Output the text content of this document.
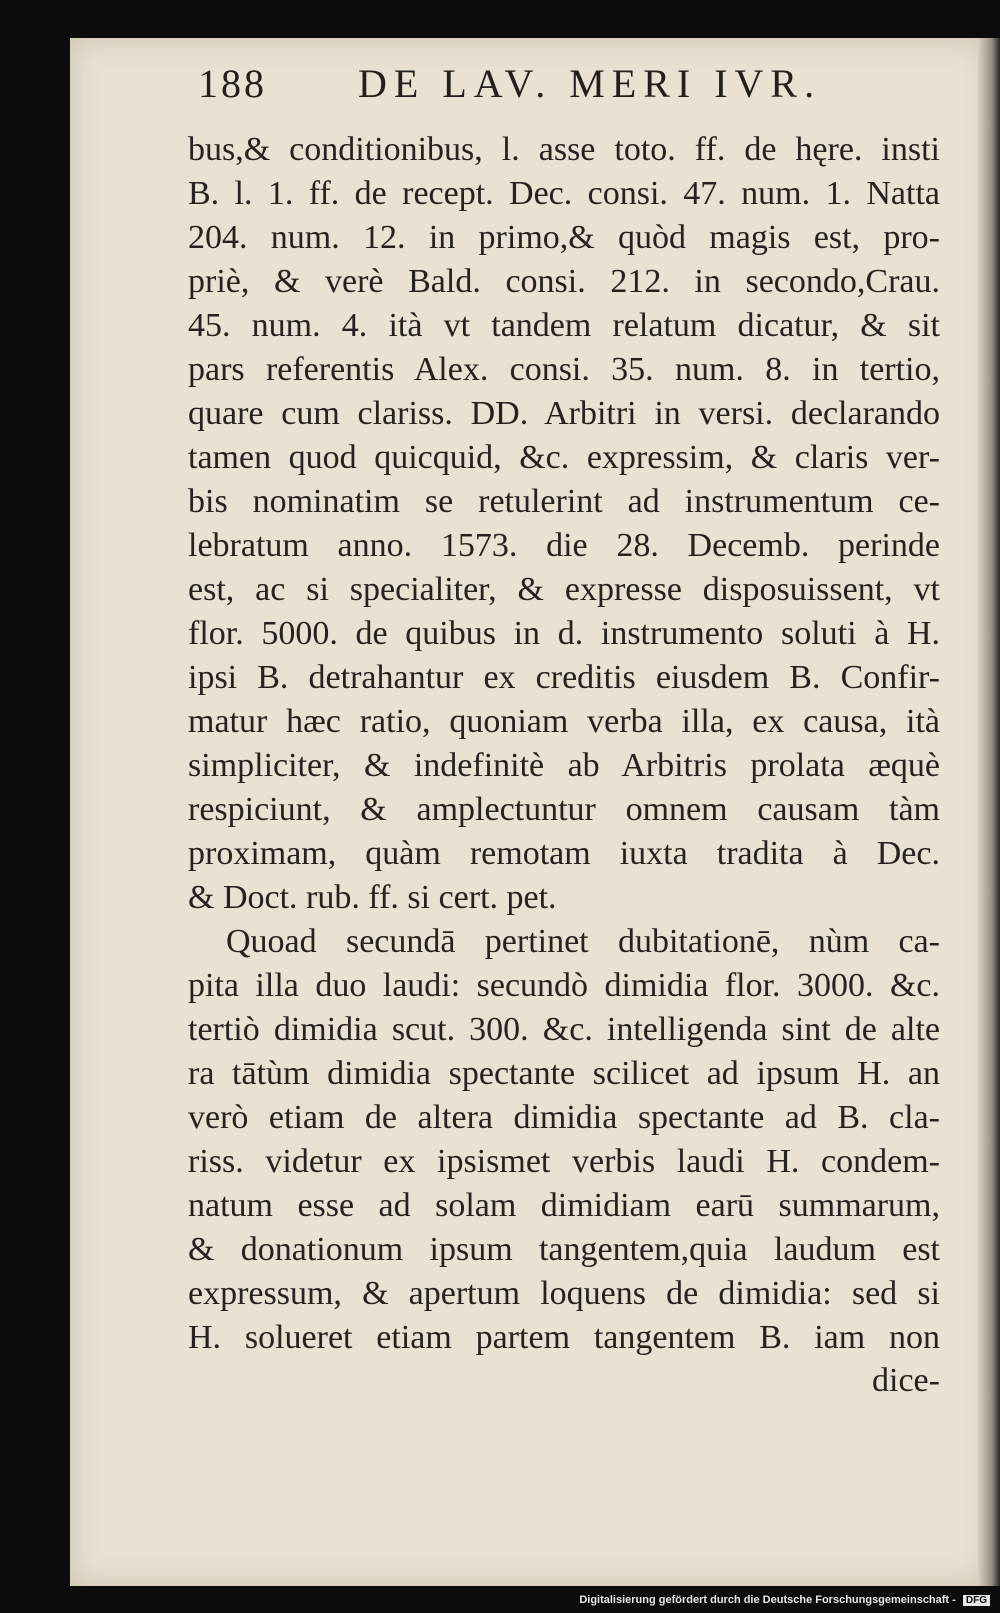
188 DE LAV. MERI IVR.
bus,& conditionibus, l. asse toto. ff. de hęre. insti
B. l. 1. ff. de recept. Dec. consi. 47. num. 1. Natta
204. num. 12. in primo,& quòd magis est, pro-
priè, & verè Bald. consi. 212. in secondo,Crau.
45. num. 4. ità vt tandem relatum dicatur, & sit
pars referentis Alex. consi. 35. num. 8. in tertio,
quare cum clariss. DD. Arbitri in versi. declarando
tamen quod quicquid, &c. expressim, & claris ver-
bis nominatim se retulerint ad instrumentum ce-
lebratum anno. 1573. die 28. Decemb. perinde
est, ac si specialiter, & expresse disposuissent, vt
flor. 5000. de quibus in d. instrumento soluti à H.
ipsi B. detrahantur ex creditis eiusdem B. Confir-
matur hæc ratio, quoniam verba illa, ex causa, ità
simpliciter, & indefinitè ab Arbitris prolata æquè
respiciunt, & amplectuntur omnem causam tàm
proximam, quàm remotam iuxta tradita à Dec.
& Doct. rub. ff. si cert. pet.
Quoad secundā pertinet dubitationē, nùm ca-
pita illa duo laudi: secundò dimidia flor. 3000. &c.
tertiò dimidia scut. 300. &c. intelligenda sint de alte
ra tātùm dimidia spectante scilicet ad ipsum H. an
verò etiam de altera dimidia spectante ad B. cla-
riss. videtur ex ipsismet verbis laudi H. condem-
natum esse ad solam dimidiam earū summarum,
& donationum ipsum tangentem,quia laudum est
expressum, & apertum loquens de dimidia: sed si
H. solueret etiam partem tangentem B. iam non
dice-
Digitalisierung gefördert durch die Deutsche Forschungsgemeinschaft - DFG
